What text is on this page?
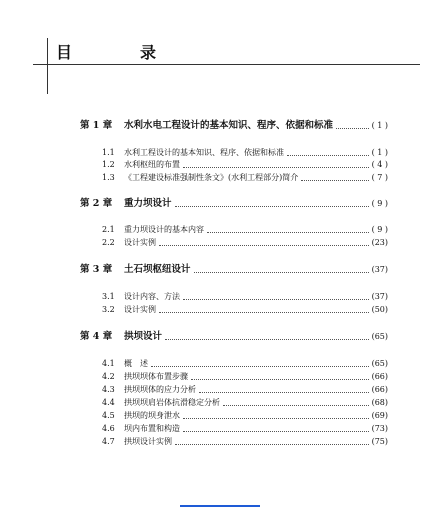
目　录
第 1 章	水利水电工程设计的基本知识、程序、依据和标准	( 1 )
1.1	水利工程设计的基本知识、程序、依据和标准	( 1 )
1.2	水利枢纽的布置	( 4 )
1.3	《工程建设标准强制性条文》(水利工程部分)简介	( 7 )
第 2 章	重力坝设计	( 9 )
2.1	重力坝设计的基本内容	( 9 )
2.2	设计实例	(23)
第 3 章	土石坝枢纽设计	(37)
3.1	设计内容、方法	(37)
3.2	设计实例	(50)
第 4 章	拱坝设计	(65)
4.1	概　述	(65)
4.2	拱坝坝体布置步骤	(66)
4.3	拱坝坝体的应力分析	(66)
4.4	拱坝坝肩岩体抗滑稳定分析	(68)
4.5	拱坝的坝身泄水	(69)
4.6	坝内布置和构造	(73)
4.7	拱坝设计实例	(75)
